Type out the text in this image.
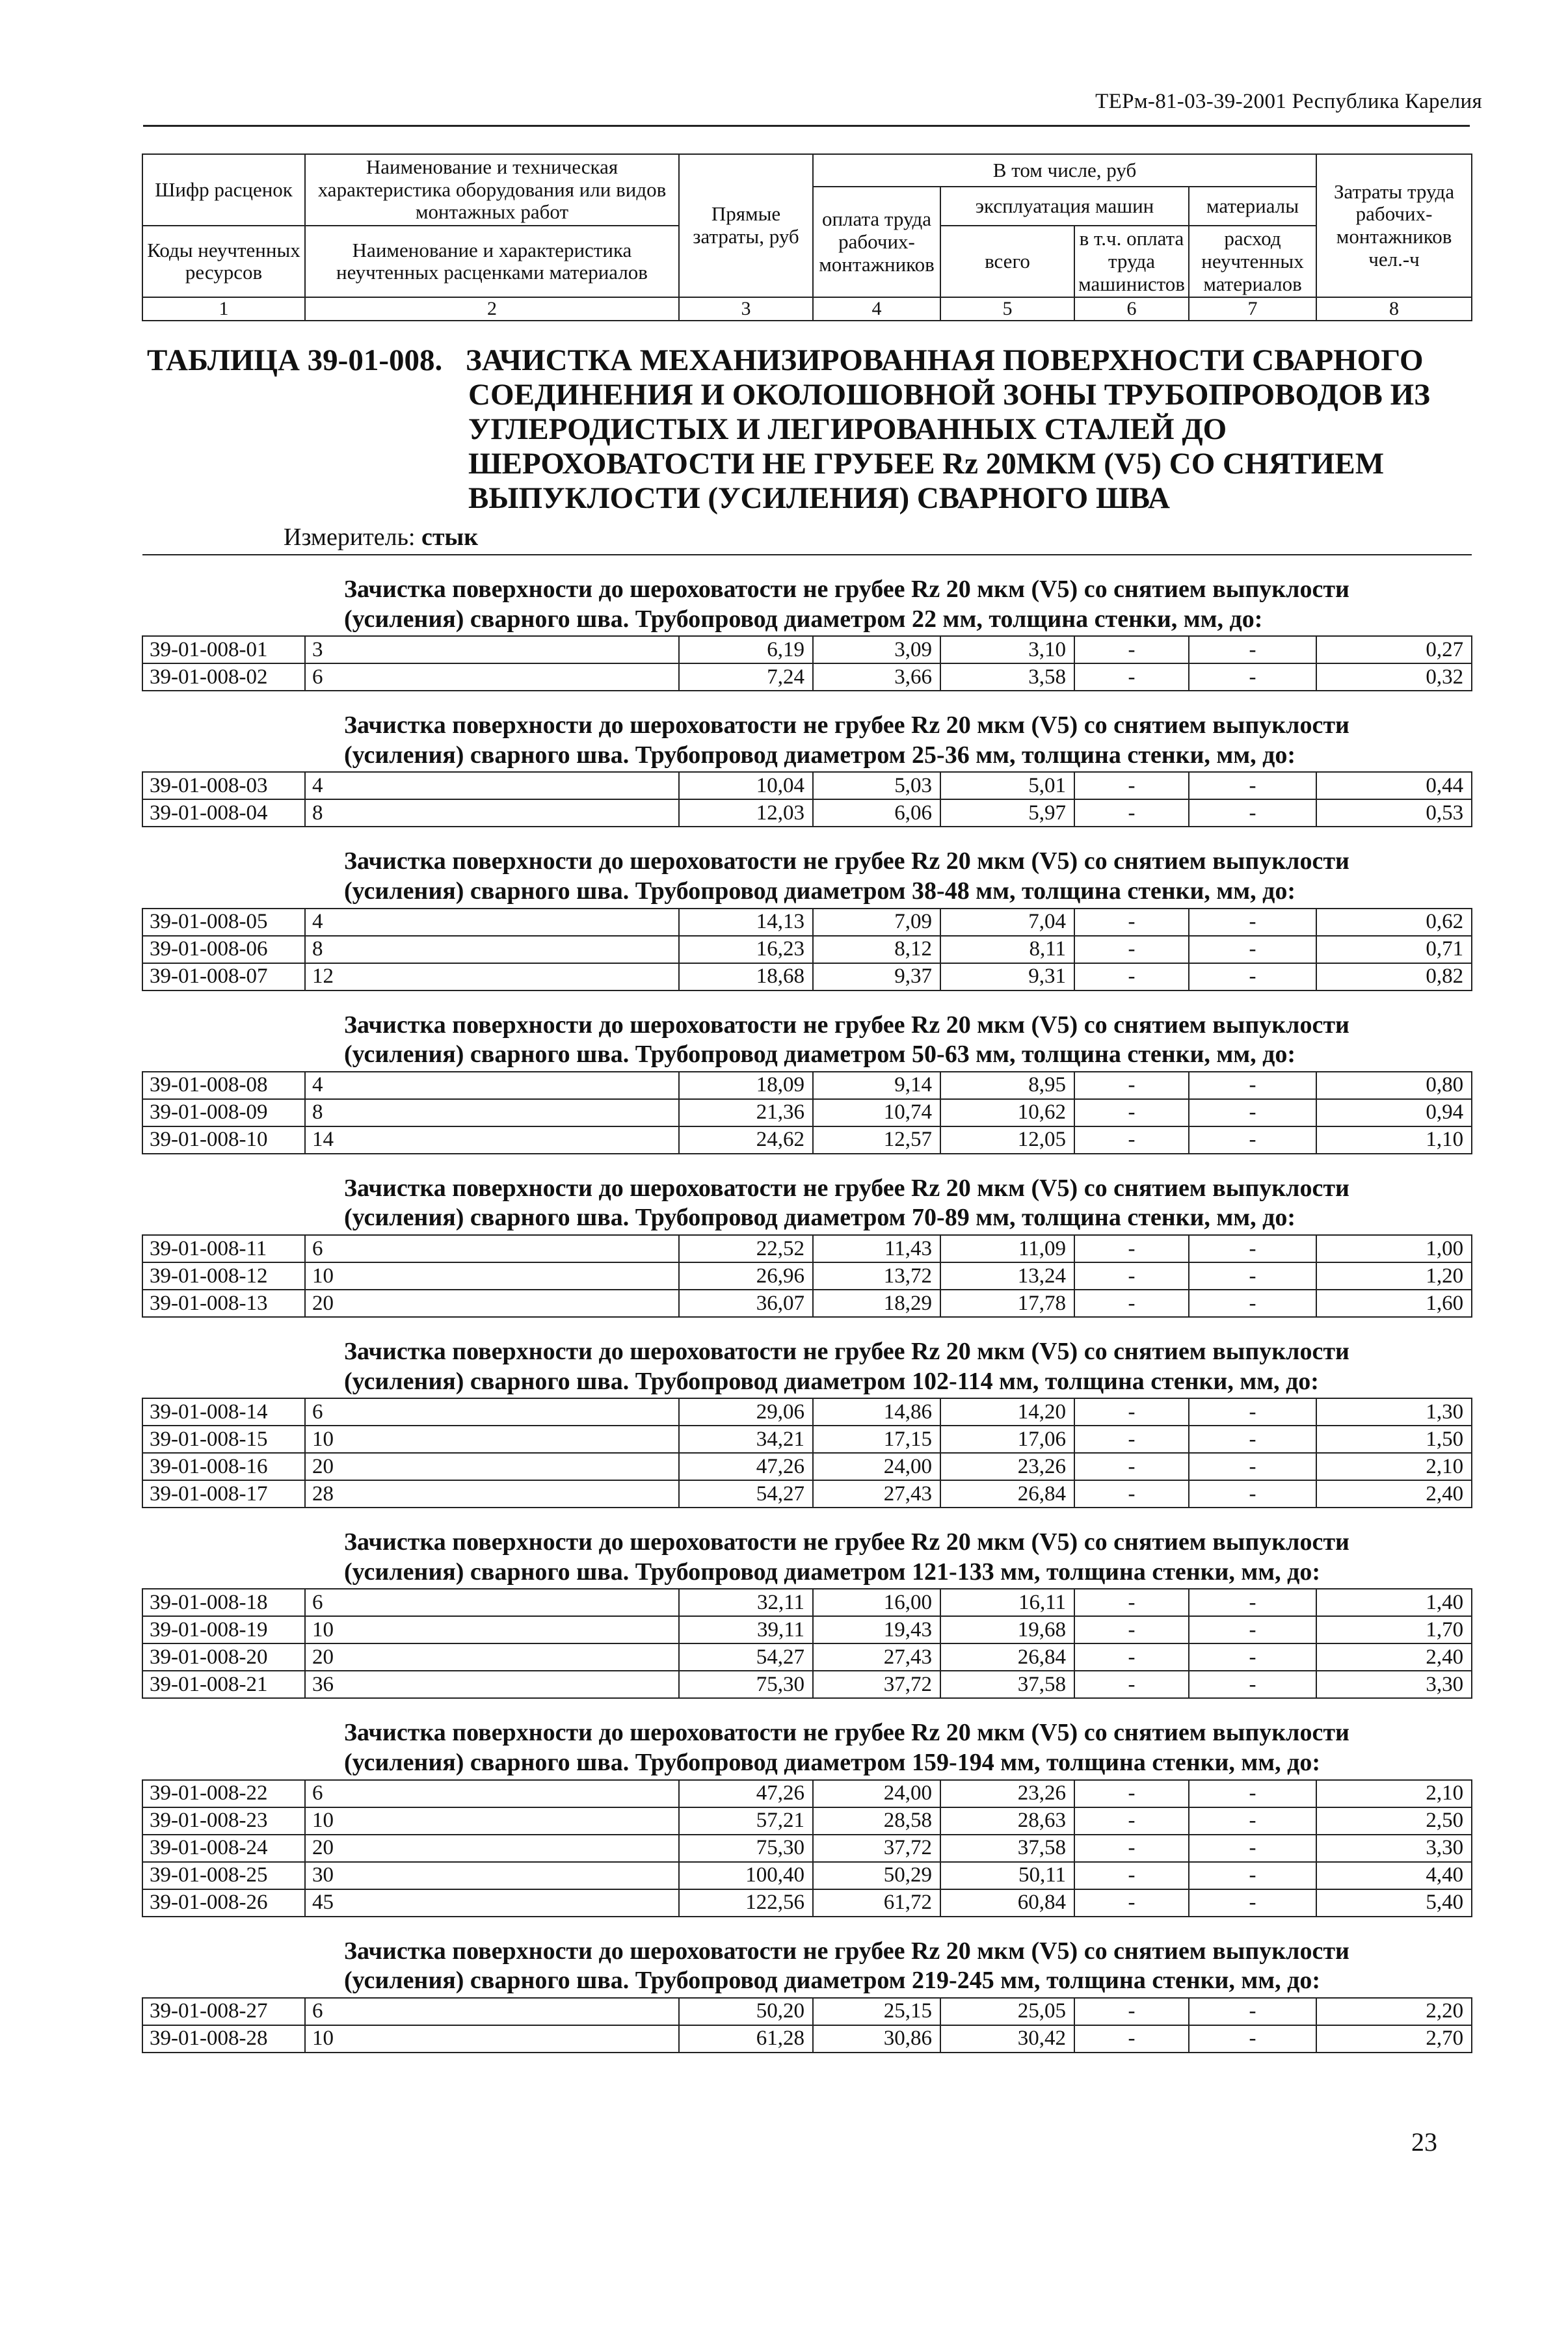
ТЕРм-81-03-39-2001 Республика Карелия
Шифр расценок	Наименование и техническая характеристика оборудования или видов монтажных работ	Прямые затраты, руб	В том числе, руб				Затраты труда рабочих-монтажников чел.-ч
			оплата труда рабочих-монтажников	эксплуатация машин		материалы	
Коды неучтенных ресурсов	Наименование и характеристика неучтенных расценками материалов			всего	в т.ч. оплата труда машинистов	расход неучтенных материалов	

1	2	3	4	5	6	7	8
ТАБЛИЦА 39-01-008. ЗАЧИСТКА МЕХАНИЗИРОВАННАЯ ПОВЕРХНОСТИ СВАРНОГО
СОЕДИНЕНИЯ И ОКОЛОШОВНОЙ ЗОНЫ ТРУБОПРОВОДОВ ИЗ
УГЛЕРОДИСТЫХ И ЛЕГИРОВАННЫХ СТАЛЕЙ ДО
ШЕРОХОВАТОСТИ НЕ ГРУБЕЕ Rz 20МКМ (V5) СО СНЯТИЕМ
ВЫПУКЛОСТИ (УСИЛЕНИЯ) СВАРНОГО ШВА
Измеритель: стык
Зачистка поверхности до шероховатости не грубее Rz 20 мкм (V5) со снятием выпуклости (усиления) сварного шва. Трубопровод диаметром 22 мм, толщина стенки, мм, до:							
39-01-008-01	3	6,19	3,09	3,10	-	-	0,27
39-01-008-02	6	7,24	3,66	3,58	-	-	0,32
Зачистка поверхности до шероховатости не грубее Rz 20 мкм (V5) со снятием выпуклости (усиления) сварного шва. Трубопровод диаметром 25-36 мм, толщина стенки, мм, до:							
39-01-008-03	4	10,04	5,03	5,01	-	-	0,44
39-01-008-04	8	12,03	6,06	5,97	-	-	0,53
Зачистка поверхности до шероховатости не грубее Rz 20 мкм (V5) со снятием выпуклости (усиления) сварного шва. Трубопровод диаметром 38-48 мм, толщина стенки, мм, до:							
39-01-008-05	4	14,13	7,09	7,04	-	-	0,62
39-01-008-06	8	16,23	8,12	8,11	-	-	0,71
39-01-008-07	12	18,68	9,37	9,31	-	-	0,82
Зачистка поверхности до шероховатости не грубее Rz 20 мкм (V5) со снятием выпуклости (усиления) сварного шва. Трубопровод диаметром 50-63 мм, толщина стенки, мм, до:							
39-01-008-08	4	18,09	9,14	8,95	-	-	0,80
39-01-008-09	8	21,36	10,74	10,62	-	-	0,94
39-01-008-10	14	24,62	12,57	12,05	-	-	1,10
Зачистка поверхности до шероховатости не грубее Rz 20 мкм (V5) со снятием выпуклости (усиления) сварного шва. Трубопровод диаметром 70-89 мм, толщина стенки, мм, до:							
39-01-008-11	6	22,52	11,43	11,09	-	-	1,00
39-01-008-12	10	26,96	13,72	13,24	-	-	1,20
39-01-008-13	20	36,07	18,29	17,78	-	-	1,60
Зачистка поверхности до шероховатости не грубее Rz 20 мкм (V5) со снятием выпуклости (усиления) сварного шва. Трубопровод диаметром 102-114 мм, толщина стенки, мм, до:							
39-01-008-14	6	29,06	14,86	14,20	-	-	1,30
39-01-008-15	10	34,21	17,15	17,06	-	-	1,50
39-01-008-16	20	47,26	24,00	23,26	-	-	2,10
39-01-008-17	28	54,27	27,43	26,84	-	-	2,40
Зачистка поверхности до шероховатости не грубее Rz 20 мкм (V5) со снятием выпуклости (усиления) сварного шва. Трубопровод диаметром 121-133 мм, толщина стенки, мм, до:							
39-01-008-18	6	32,11	16,00	16,11	-	-	1,40
39-01-008-19	10	39,11	19,43	19,68	-	-	1,70
39-01-008-20	20	54,27	27,43	26,84	-	-	2,40
39-01-008-21	36	75,30	37,72	37,58	-	-	3,30
Зачистка поверхности до шероховатости не грубее Rz 20 мкм (V5) со снятием выпуклости (усиления) сварного шва. Трубопровод диаметром 159-194 мм, толщина стенки, мм, до:							
39-01-008-22	6	47,26	24,00	23,26	-	-	2,10
39-01-008-23	10	57,21	28,58	28,63	-	-	2,50
39-01-008-24	20	75,30	37,72	37,58	-	-	3,30
39-01-008-25	30	100,40	50,29	50,11	-	-	4,40
39-01-008-26	45	122,56	61,72	60,84	-	-	5,40
Зачистка поверхности до шероховатости не грубее Rz 20 мкм (V5) со снятием выпуклости (усиления) сварного шва. Трубопровод диаметром 219-245 мм, толщина стенки, мм, до:							
39-01-008-27	6	50,20	25,15	25,05	-	-	2,20
39-01-008-28	10	61,28	30,86	30,42	-	-	2,70
23
